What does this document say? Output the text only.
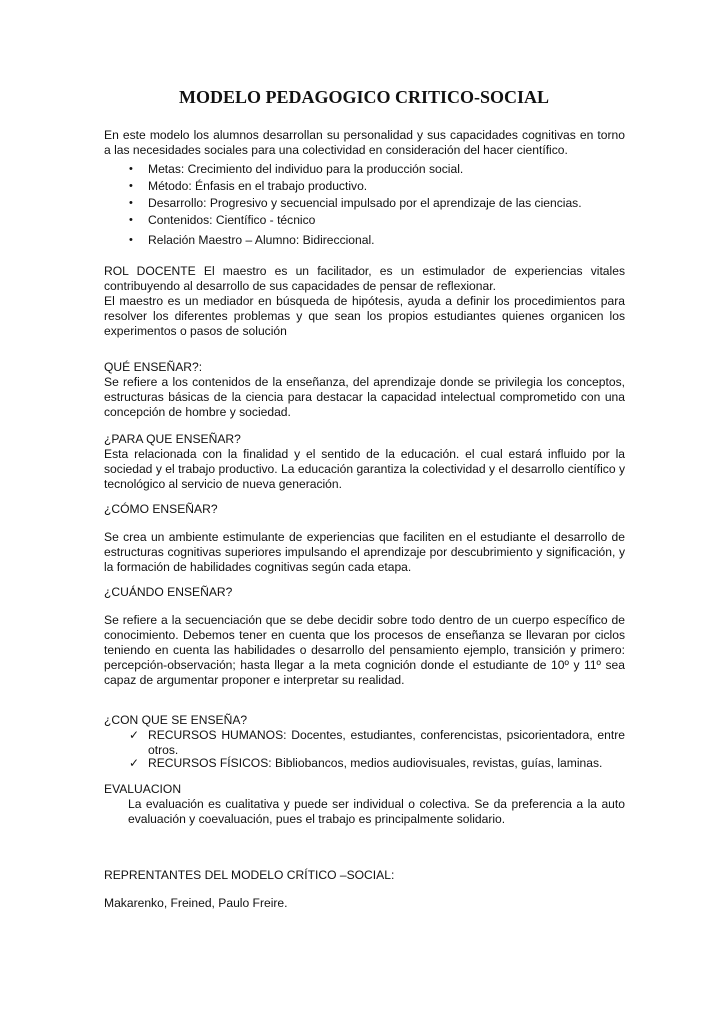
MODELO PEDAGOGICO CRITICO-SOCIAL

En este modelo los alumnos desarrollan su personalidad y sus capacidades cognitivas en torno a las necesidades sociales para una colectividad en consideración del hacer científico.

• Metas: Crecimiento del individuo para la producción social.
• Método: Énfasis en el trabajo productivo.
• Desarrollo: Progresivo y secuencial impulsado por el aprendizaje de las ciencias.
• Contenidos: Científico - técnico
• Relación Maestro – Alumno: Bidireccional.

ROL DOCENTE El maestro es un facilitador, es un estimulador de experiencias vitales contribuyendo al desarrollo de sus capacidades de pensar de reflexionar.

El maestro es un mediador en búsqueda de hipótesis, ayuda a definir los procedimientos para resolver los diferentes problemas y que sean los propios estudiantes quienes organicen los experimentos o pasos de solución

QUÉ ENSEÑAR?:

Se refiere a los contenidos de la enseñanza, del aprendizaje donde se privilegia los conceptos, estructuras básicas de la ciencia para destacar la capacidad intelectual comprometido con una concepción de hombre y sociedad.

¿PARA QUE ENSEÑAR?

Esta relacionada con la finalidad y el sentido de la educación. el cual estará influido por la sociedad y el trabajo productivo. La educación garantiza la colectividad y el desarrollo científico y tecnológico al servicio de nueva generación.

¿CÓMO ENSEÑAR?

Se crea un ambiente estimulante de experiencias que faciliten en el estudiante el desarrollo de estructuras cognitivas superiores impulsando el aprendizaje por descubrimiento y significación, y la formación de habilidades cognitivas según cada etapa.

¿CUÁNDO ENSEÑAR?

Se refiere a la secuenciación que se debe decidir sobre todo dentro de un cuerpo específico de conocimiento. Debemos tener en cuenta que los procesos de enseñanza se llevaran por ciclos teniendo en cuenta las habilidades o desarrollo del pensamiento ejemplo, transición y primero: percepción-observación; hasta llegar a la meta cognición donde el estudiante de 10º y 11º sea capaz de argumentar proponer e interpretar su realidad.

¿CON QUE SE ENSEÑA?

✓ RECURSOS HUMANOS: Docentes, estudiantes, conferencistas, psicorientadora, entre otros.
✓ RECURSOS FÍSICOS: Bibliobancos, medios audiovisuales, revistas, guías, laminas.

EVALUACION

La evaluación es cualitativa y puede ser individual o colectiva. Se da preferencia a la auto evaluación y coevaluación, pues el trabajo es principalmente solidario.

REPRENTANTES DEL MODELO CRÍTICO –SOCIAL:

Makarenko, Freined, Paulo Freire.
